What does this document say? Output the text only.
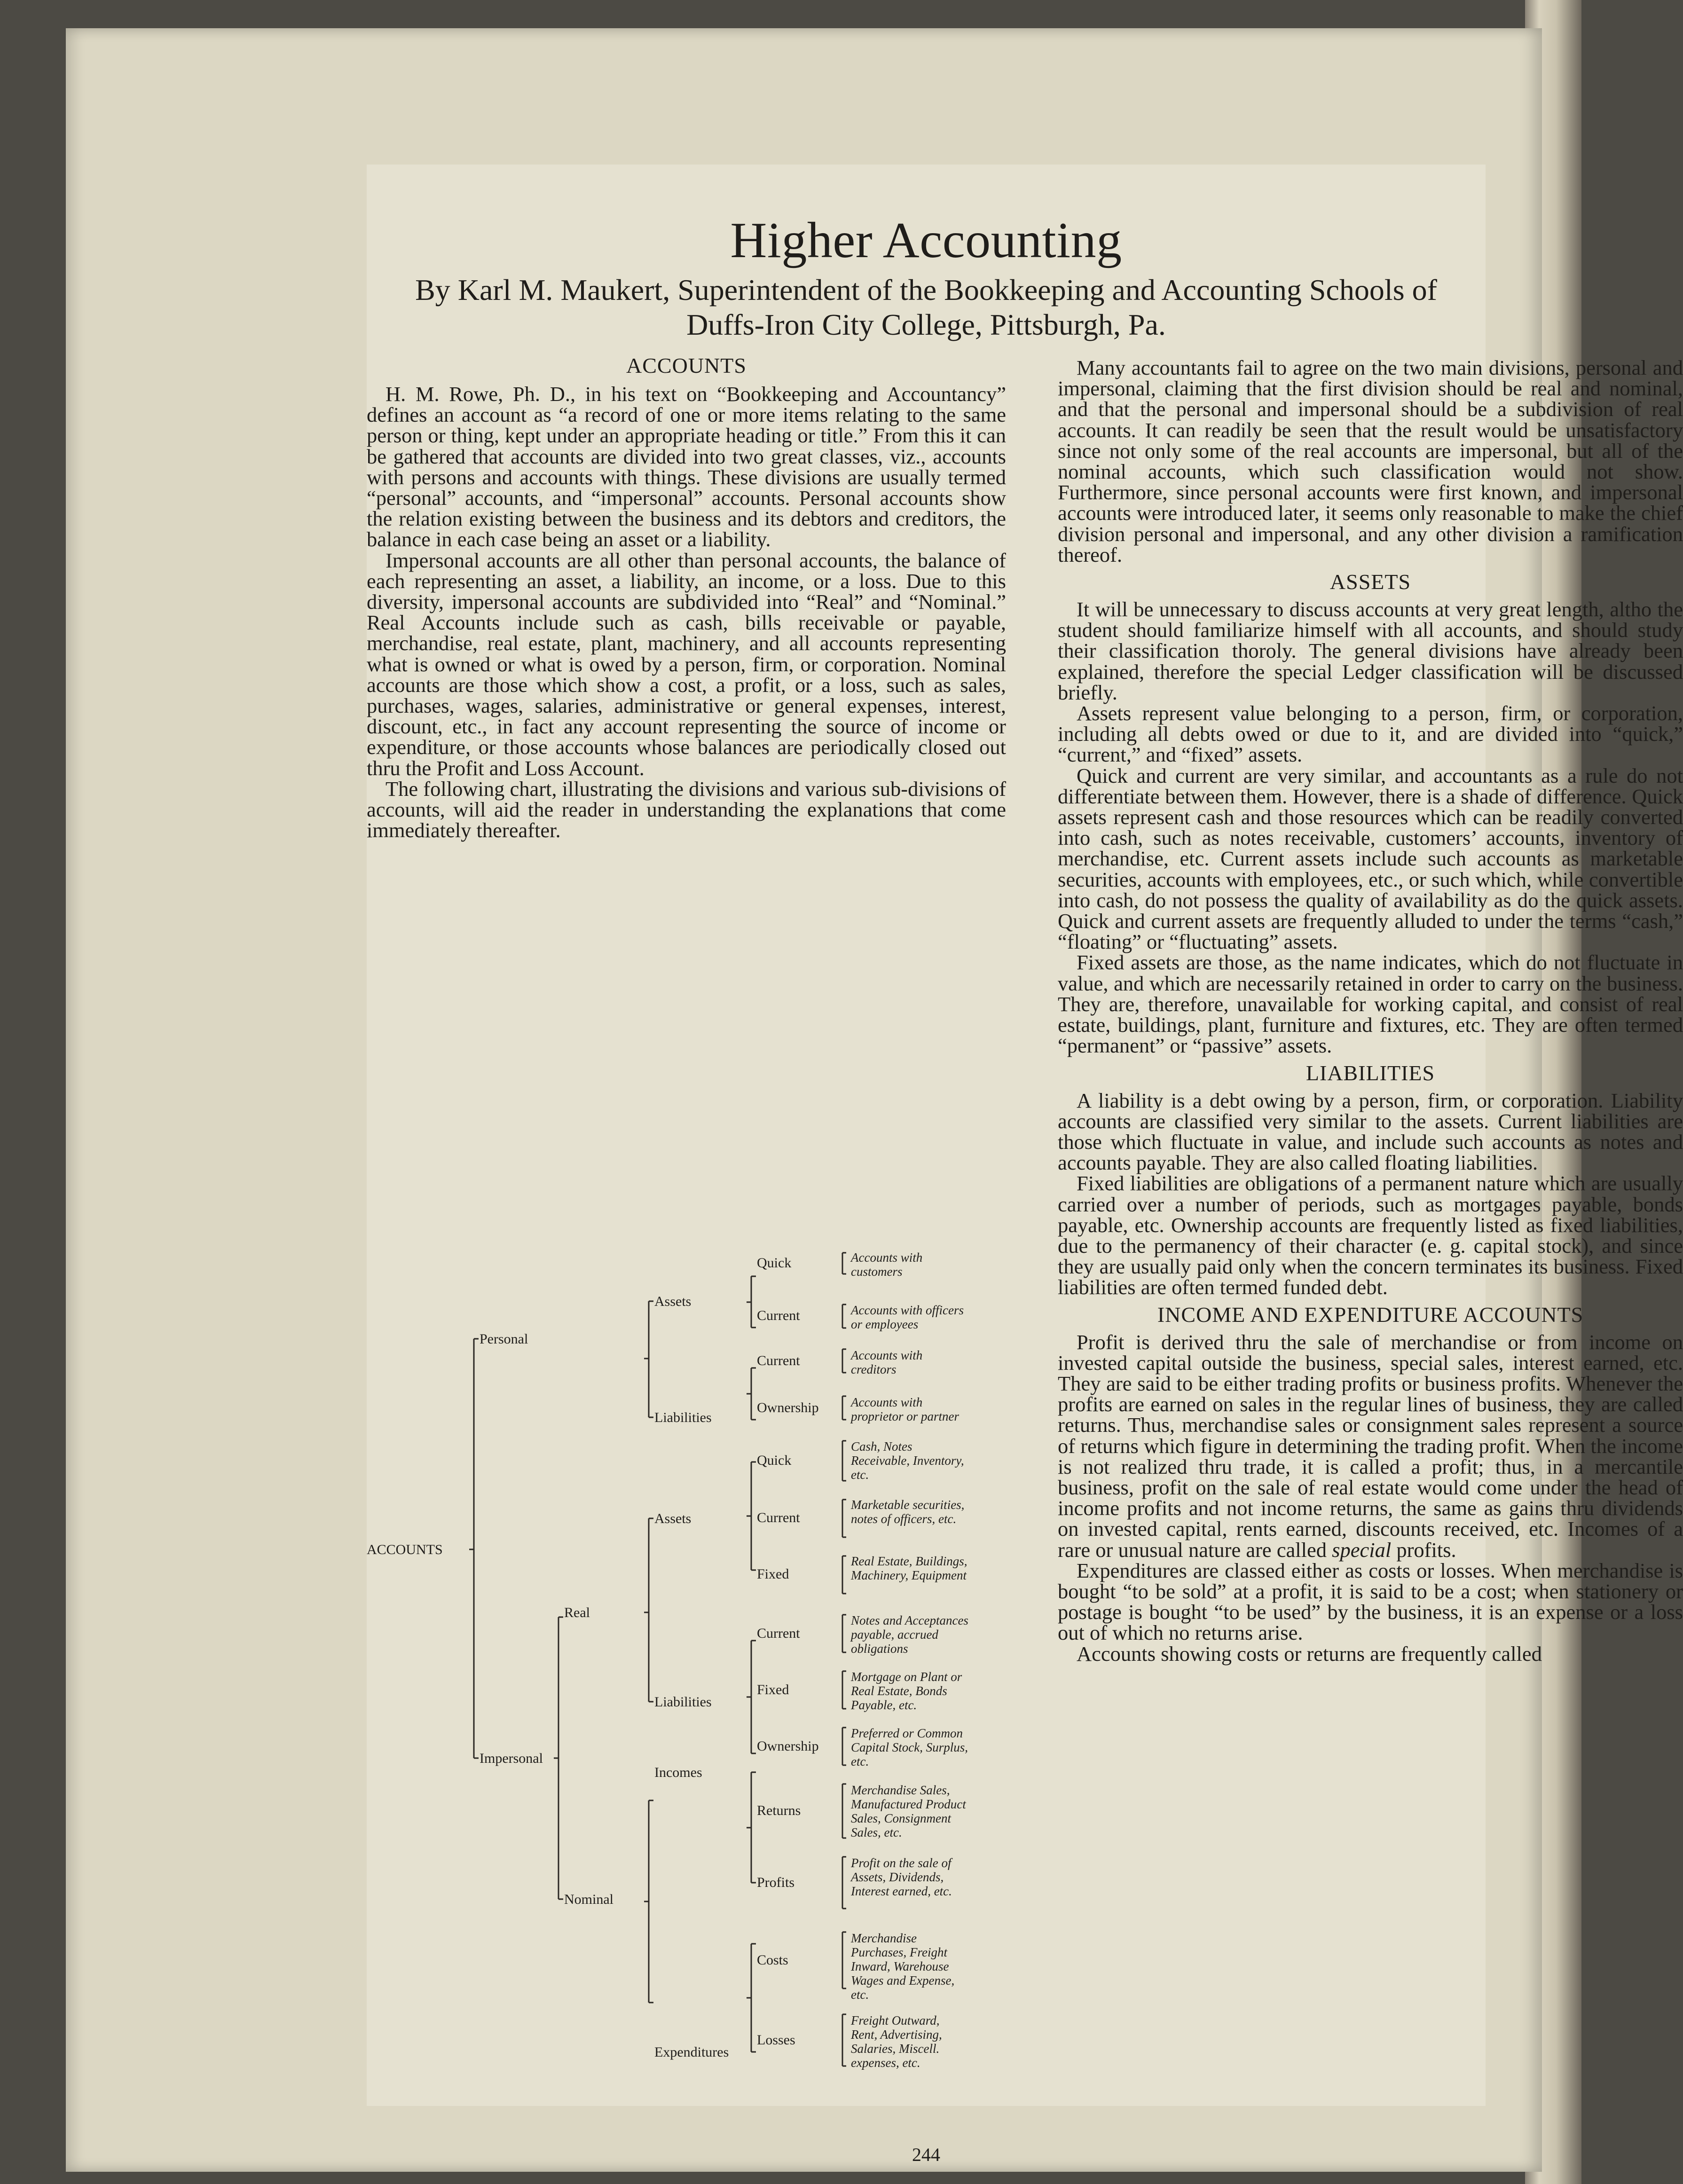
Higher Accounting
By Karl M. Maukert, Superintendent of the Bookkeeping and Accounting Schools of Duffs-Iron City College, Pittsburgh, Pa.
ACCOUNTS

H. M. Rowe, Ph. D., in his text on “Bookkeeping and Accountancy” defines an account as “a record of one or more items relating to the same person or thing, kept under an appropriate heading or title.” From this it can be gathered that accounts are divided into two great classes, viz., accounts with persons and accounts with things. These divisions are usually termed “personal” accounts, and “impersonal” accounts. Personal accounts show the relation existing between the business and its debtors and creditors, the balance in each case being an asset or a liability.

Impersonal accounts are all other than personal accounts, the balance of each representing an asset, a liability, an income, or a loss. Due to this diversity, impersonal accounts are subdivided into “Real” and “Nominal.” Real Accounts include such as cash, bills receivable or payable, merchandise, real estate, plant, machinery, and all accounts representing what is owned or what is owed by a person, firm, or corporation. Nominal accounts are those which show a cost, a profit, or a loss, such as sales, purchases, wages, salaries, administrative or general expenses, interest, discount, etc., in fact any account representing the source of income or expenditure, or those accounts whose balances are periodically closed out thru the Profit and Loss Account.

The following chart, illustrating the divisions and various sub-divisions of accounts, will aid the reader in understanding the explanations that come immediately thereafter.

ACCOUNTS
Personal
Impersonal
Assets
Liabilities
Real
Nominal
Assets
Liabilities
Incomes
Expenditures
Quick
Current
Current
Ownership
Quick
Current
Fixed
Current
Fixed
Ownership
Returns
Profits
Costs
Losses
Accounts with customers
Accounts with officers or employees
Accounts with creditors
Accounts with proprietor or partner
Cash, Notes Receivable, Inventory, etc.
Marketable securities, notes of officers, etc.
Real Estate, Buildings, Machinery, Equipment
Notes and Acceptances payable, accrued obligations
Mortgage on Plant or Real Estate, Bonds Payable, etc.
Preferred or Common Capital Stock, Surplus, etc.
Merchandise Sales, Manufactured Product Sales, Consignment Sales, etc.
Profit on the sale of Assets, Dividends, Interest earned, etc.
Merchandise Purchases, Freight Inward, Warehouse Wages and Expense, etc.
Freight Outward, Rent, Advertising, Salaries, Miscell. expenses, etc.

Many accountants fail to agree on the two main divisions, personal and impersonal, claiming that the first division should be real and nominal, and that the personal and impersonal should be a subdivision of real accounts. It can readily be seen that the result would be unsatisfactory since not only some of the real accounts are impersonal, but all of the nominal accounts, which such classification would not show. Furthermore, since personal accounts were first known, and impersonal accounts were introduced later, it seems only reasonable to make the chief division personal and impersonal, and any other division a ramification thereof.

ASSETS

It will be unnecessary to discuss accounts at very great length, altho the student should familiarize himself with all accounts, and should study their classification thoroly. The general divisions have already been explained, therefore the special Ledger classification will be discussed briefly.

Assets represent value belonging to a person, firm, or corporation, including all debts owed or due to it, and are divided into “quick,” “current,” and “fixed” assets.

Quick and current are very similar, and accountants as a rule do not differentiate between them. However, there is a shade of difference. Quick assets represent cash and those resources which can be readily converted into cash, such as notes receivable, customers’ accounts, inventory of merchandise, etc. Current assets include such accounts as marketable securities, accounts with employees, etc., or such which, while convertible into cash, do not possess the quality of availability as do the quick assets. Quick and current assets are frequently alluded to under the terms “cash,” “floating” or “fluctuating” assets.

Fixed assets are those, as the name indicates, which do not fluctuate in value, and which are necessarily retained in order to carry on the business. They are, therefore, unavailable for working capital, and consist of real estate, buildings, plant, furniture and fixtures, etc. They are often termed “permanent” or “passive” assets.

LIABILITIES

A liability is a debt owing by a person, firm, or corporation. Liability accounts are classified very similar to the assets. Current liabilities are those which fluctuate in value, and include such accounts as notes and accounts payable. They are also called floating liabilities.

Fixed liabilities are obligations of a permanent nature which are usually carried over a number of periods, such as mortgages payable, bonds payable, etc. Ownership accounts are frequently listed as fixed liabilities, due to the permanency of their character (e. g. capital stock), and since they are usually paid only when the concern terminates its business. Fixed liabilities are often termed funded debt.

INCOME AND EXPENDITURE ACCOUNTS

Profit is derived thru the sale of merchandise or from income on invested capital outside the business, special sales, interest earned, etc. They are said to be either trading profits or business profits. Whenever the profits are earned on sales in the regular lines of business, they are called returns. Thus, merchandise sales or consignment sales represent a source of returns which figure in determining the trading profit. When the income is not realized thru trade, it is called a profit; thus, in a mercantile business, profit on the sale of real estate would come under the head of income profits and not income returns, the same as gains thru dividends on invested capital, rents earned, discounts received, etc. Incomes of a rare or unusual nature are called special profits.

Expenditures are classed either as costs or losses. When merchandise is bought “to be sold” at a profit, it is said to be a cost; when stationery or postage is bought “to be used” by the business, it is an expense or a loss out of which no returns arise.

Accounts showing costs or returns are frequently called

244
